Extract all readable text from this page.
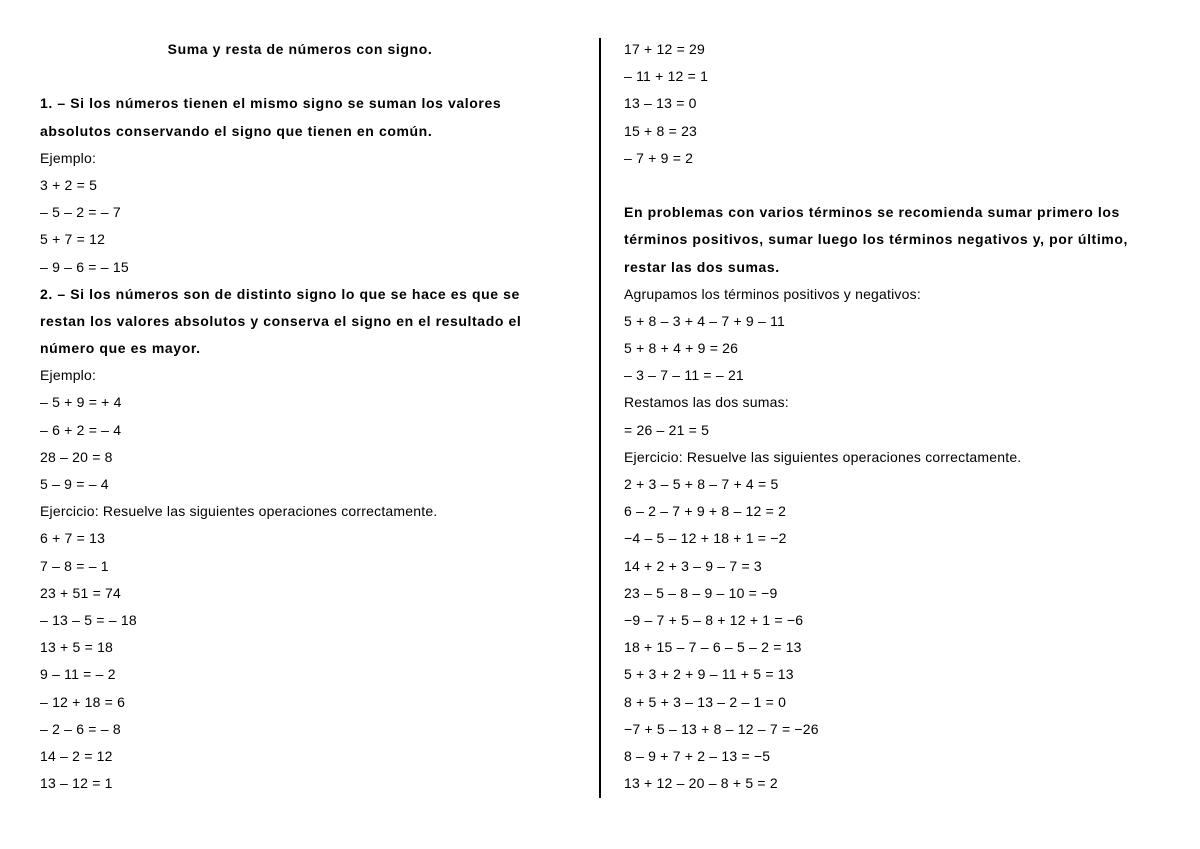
Suma y resta de números con signo.
1. – Si los números tienen el mismo signo se suman los valores
absolutos conservando el signo que tienen en común.
Ejemplo:
3 + 2 = 5
– 5 – 2 = – 7
5 + 7 = 12
– 9 – 6 = – 15
2. – Si los números son de distinto signo lo que se hace es que se
restan los valores absolutos y conserva el signo en el resultado el
número que es mayor.
Ejemplo:
– 5 + 9 = + 4
– 6 + 2 = – 4
28 – 20 = 8
5 – 9 = – 4
Ejercicio: Resuelve las siguientes operaciones correctamente.
6 + 7 = 13
7 – 8 = – 1
23 + 51 = 74
– 13 – 5 = – 18
13 + 5 = 18
9 – 11 = – 2
– 12 + 18 = 6
– 2 – 6 = – 8
14 – 2 = 12
13 – 12 = 1
17 + 12 = 29
– 11 + 12 = 1
13 – 13 = 0
15 + 8 = 23
– 7 + 9 = 2
En problemas con varios términos se recomienda sumar primero los
términos positivos, sumar luego los términos negativos y, por último,
restar las dos sumas.
Agrupamos los términos positivos y negativos:
5 + 8 – 3 + 4 – 7 + 9 – 11
5 + 8 + 4 + 9 = 26
– 3 – 7 – 11 = – 21
Restamos las dos sumas:
= 26 – 21 = 5
Ejercicio: Resuelve las siguientes operaciones correctamente.
2 + 3 – 5 + 8 – 7 + 4 = 5
6 – 2 – 7 + 9 + 8 – 12 = 2
−4 – 5 – 12 + 18 + 1 = −2
14 + 2 + 3 – 9 – 7 = 3
23 – 5 – 8 – 9 – 10 = −9
−9 – 7 + 5 – 8 + 12 + 1 = −6
18 + 15 – 7 – 6 – 5 – 2 = 13
5 + 3 + 2 + 9 – 11 + 5 = 13
8 + 5 + 3 – 13 – 2 – 1 = 0
−7 + 5 – 13 + 8 – 12 – 7 = −26
8 – 9 + 7 + 2 – 13 = −5
13 + 12 – 20 – 8 + 5 = 2
